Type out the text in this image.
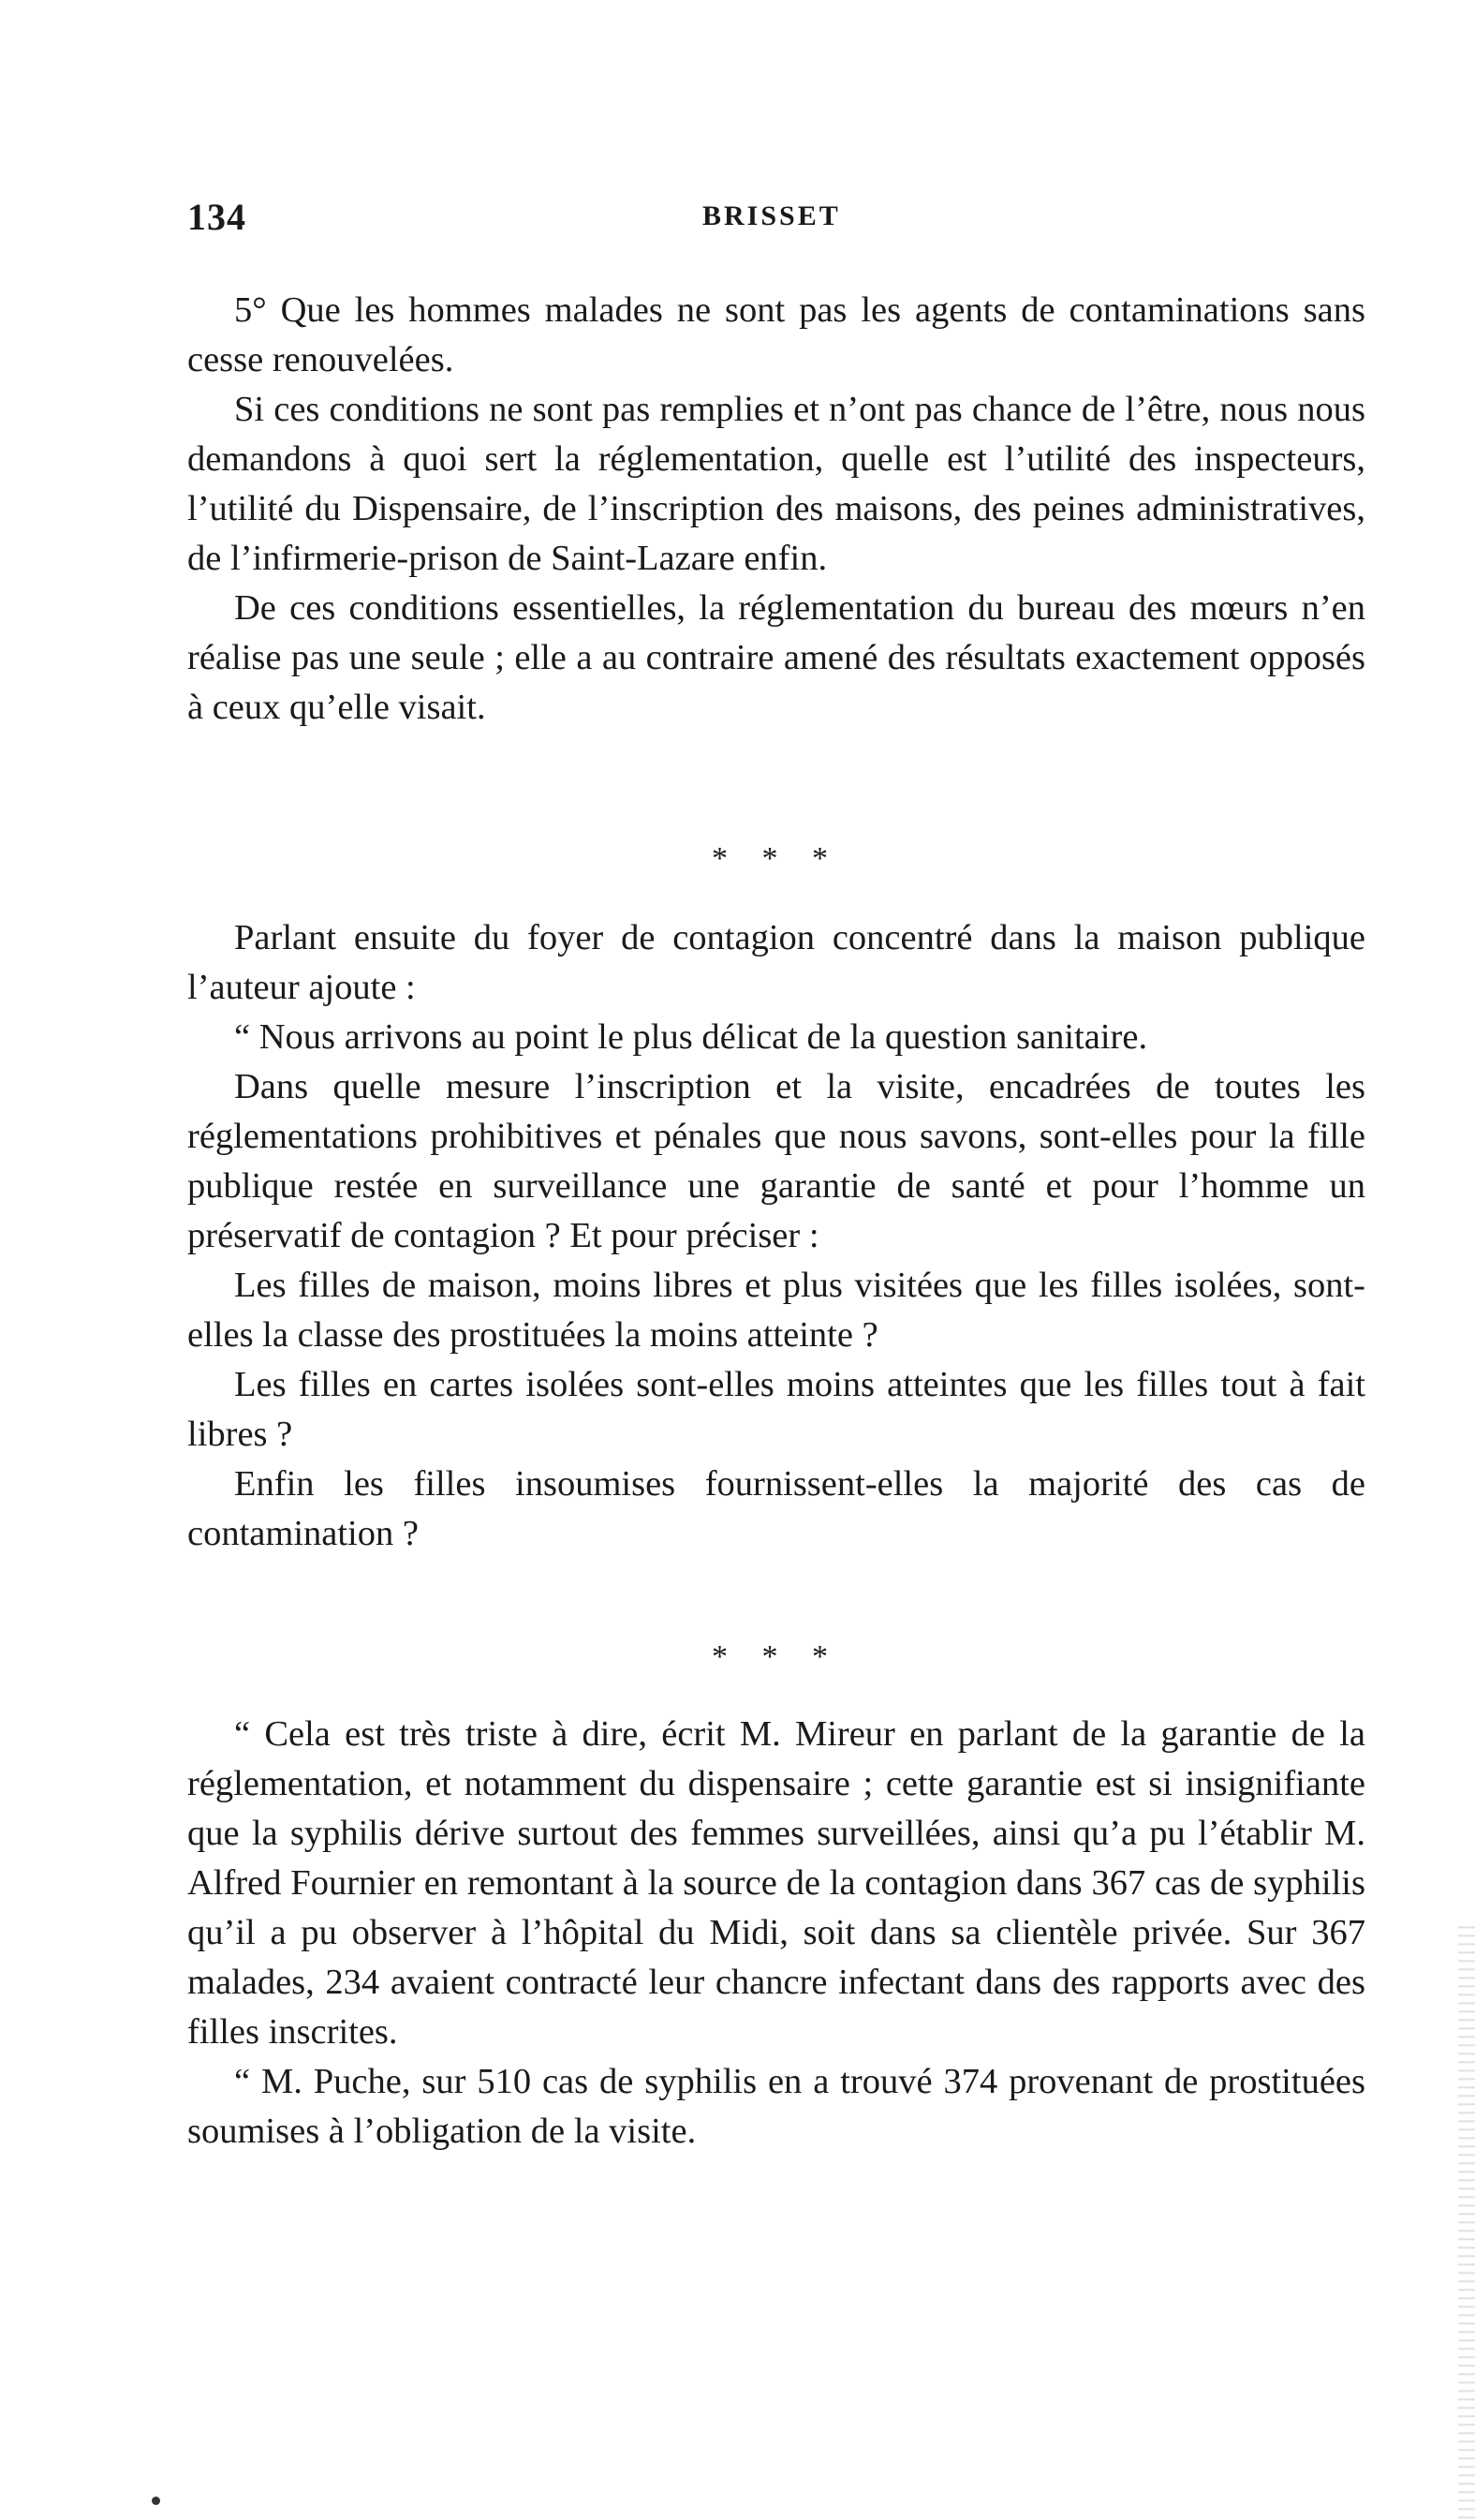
134	BRISSET

5° Que les hommes malades ne sont pas les agents de contaminations sans cesse renouvelées.

Si ces conditions ne sont pas remplies et n’ont pas chance de l’être, nous nous demandons à quoi sert la réglementation, quelle est l’utilité des inspecteurs, l’utilité du Dispensaire, de l’inscription des maisons, des peines administratives, de l’infirmerie-prison de Saint-Lazare enfin.

De ces conditions essentielles, la réglementation du bureau des mœurs n’en réalise pas une seule ; elle a au contraire amené des résultats exactement opposés à ceux qu’elle visait.

* * *

Parlant ensuite du foyer de contagion concentré dans la maison publique l’auteur ajoute :

“ Nous arrivons au point le plus délicat de la question sanitaire.

Dans quelle mesure l’inscription et la visite, encadrées de toutes les réglementations prohibitives et pénales que nous savons, sont-elles pour la fille publique restée en surveillance une garantie de santé et pour l’homme un préservatif de contagion ? Et pour préciser :

Les filles de maison, moins libres et plus visitées que les filles isolées, sont-elles la classe des prostituées la moins atteinte ?

Les filles en cartes isolées sont-elles moins atteintes que les filles tout à fait libres ?

Enfin les filles insoumises fournissent-elles la majorité des cas de contamination ?

* * *

“ Cela est très triste à dire, écrit M. Mireur en parlant de la garantie de la réglementation, et notamment du dispensaire ; cette garantie est si insignifiante que la syphilis dérive surtout des femmes surveillées, ainsi qu’a pu l’établir M. Alfred Fournier en remontant à la source de la contagion dans 367 cas de syphilis qu’il a pu observer à l’hôpital du Midi, soit dans sa clientèle privée. Sur 367 malades, 234 avaient contracté leur chancre infectant dans des rapports avec des filles inscrites.

“ M. Puche, sur 510 cas de syphilis en a trouvé 374 provenant de prostituées soumises à l’obligation de la visite.
